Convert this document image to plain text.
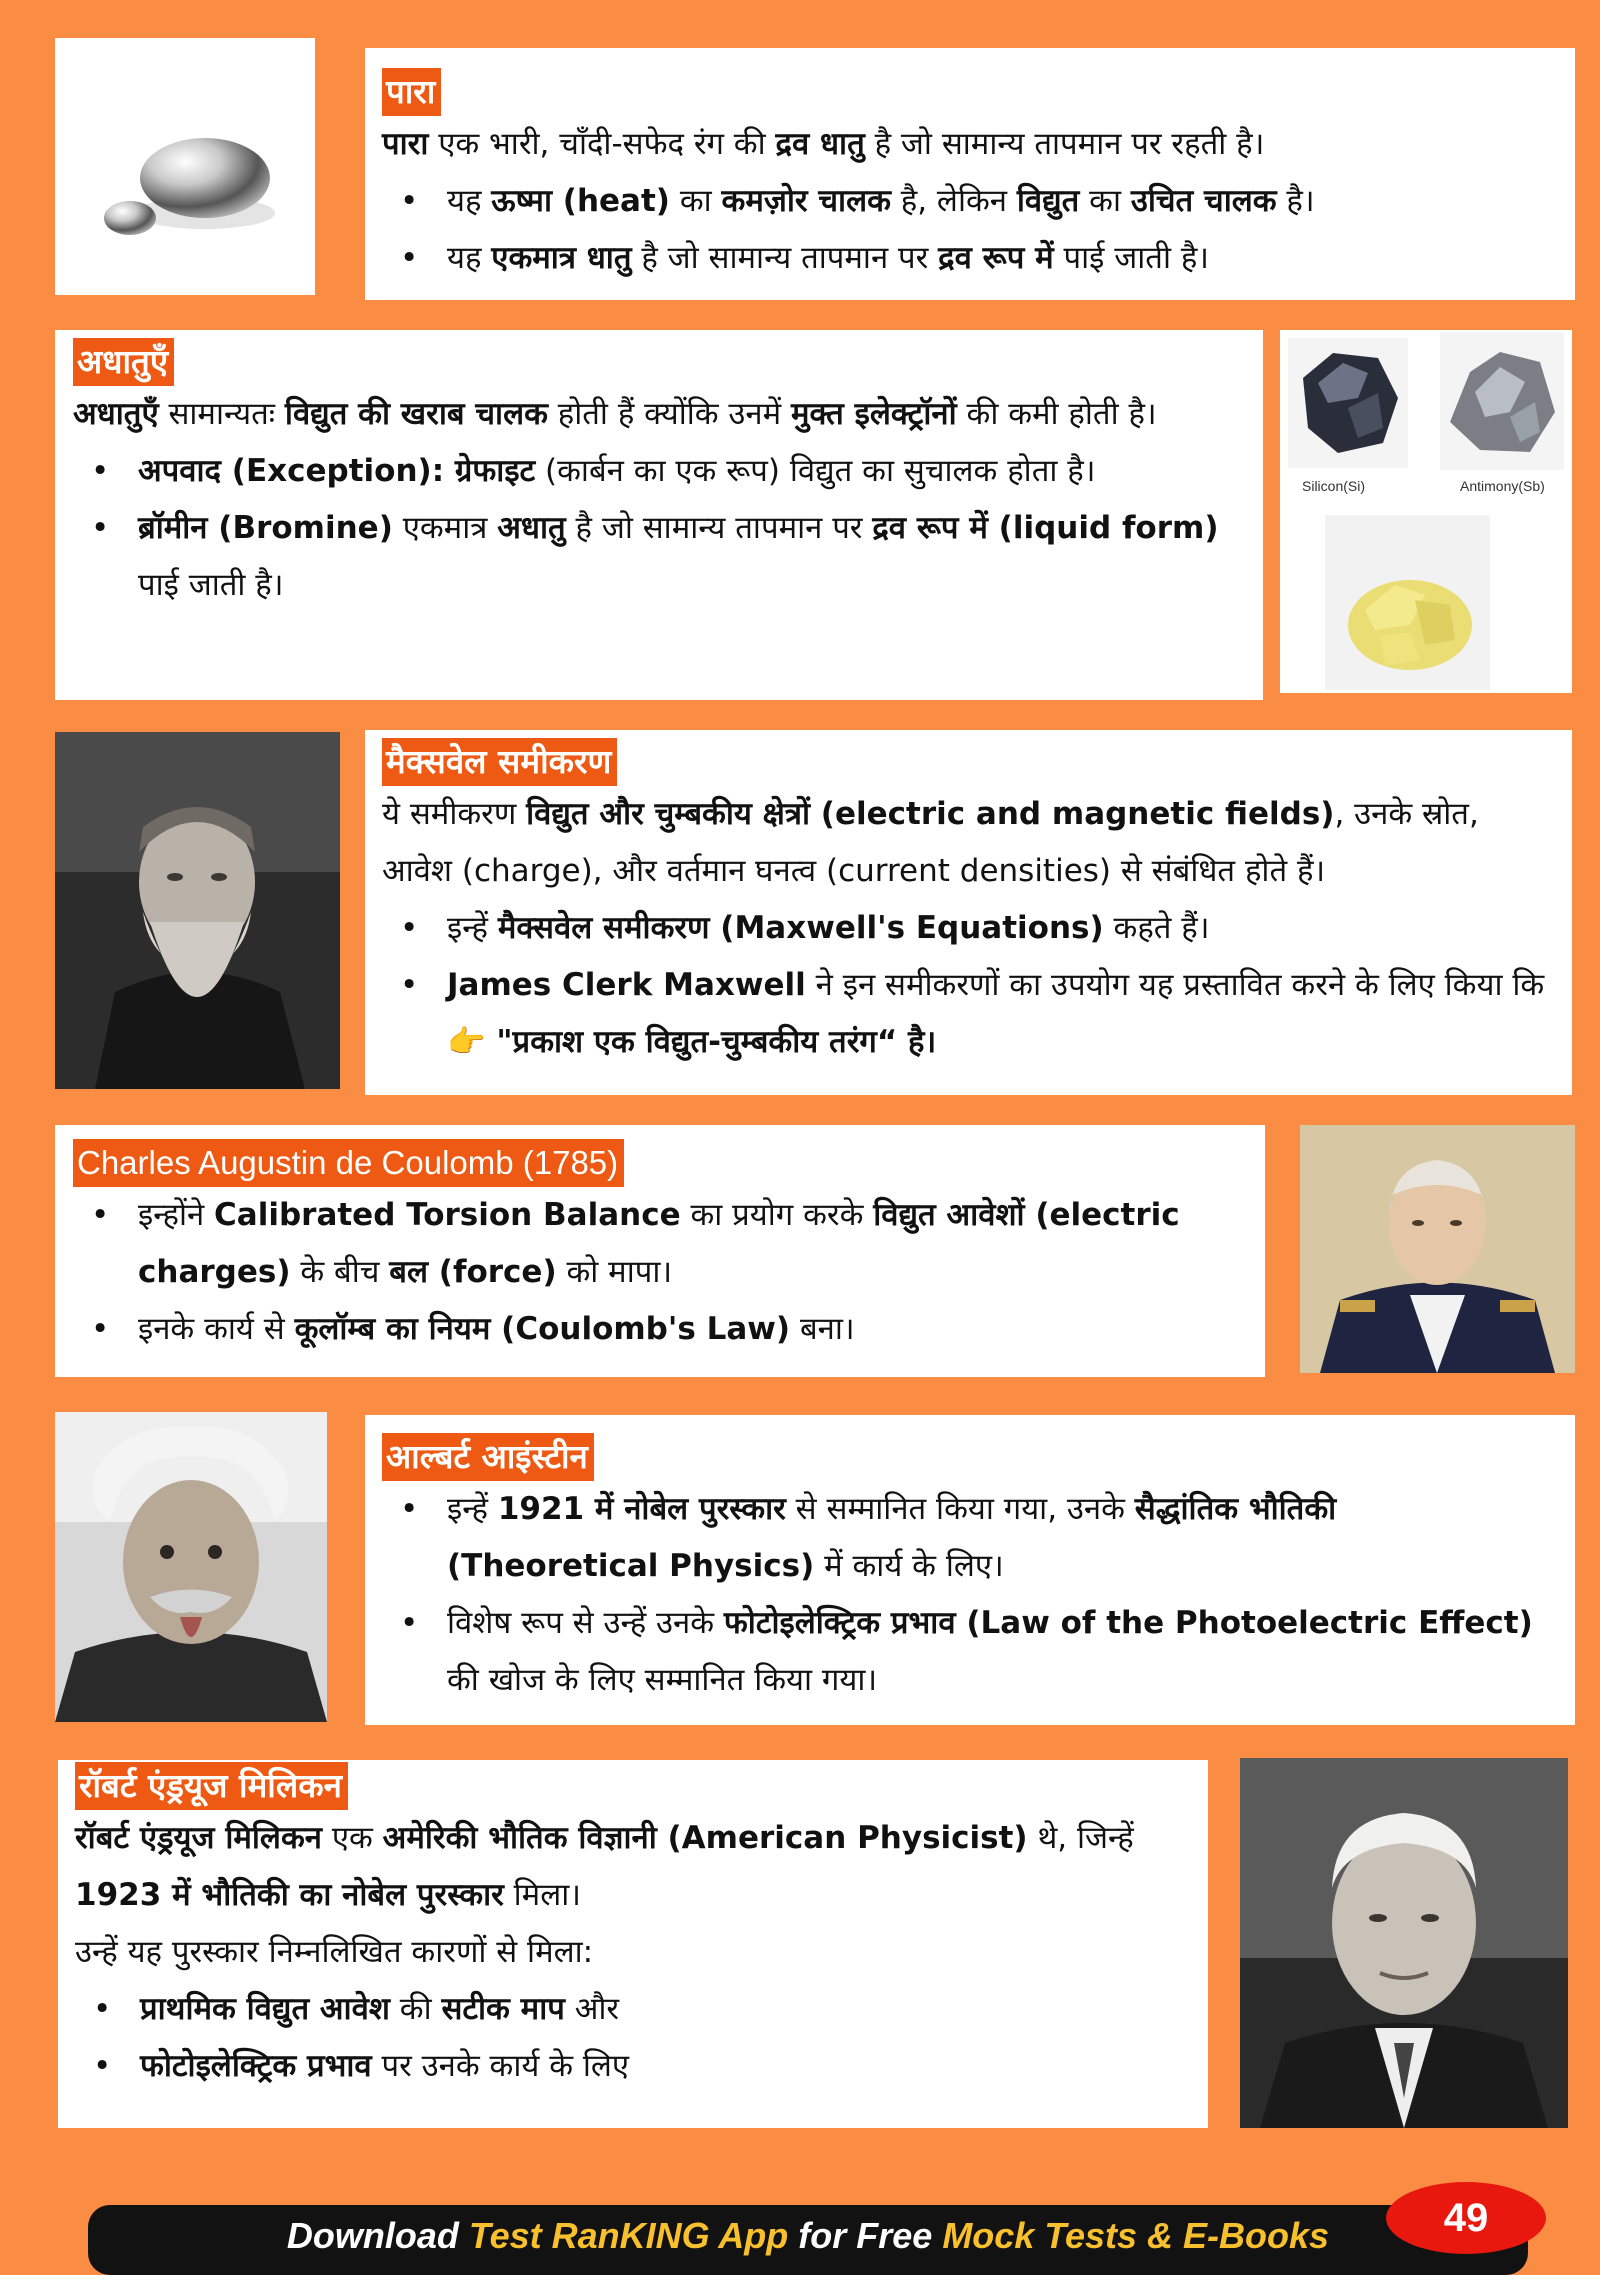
पारा

पारा एक भारी, चाँदी-सफेद रंग की द्रव धातु है जो सामान्य तापमान पर रहती है।

• यह ऊष्मा (heat) का कमज़ोर चालक है, लेकिन विद्युत का उचित चालक है।
• यह एकमात्र धातु है जो सामान्य तापमान पर द्रव रूप में पाई जाती है।
अधातुएँ

अधातुएँ सामान्यतः विद्युत की खराब चालक होती हैं क्योंकि उनमें मुक्त इलेक्ट्रॉनों की कमी होती है।

• अपवाद (Exception): ग्रेफाइट (कार्बन का एक रूप) विद्युत का सुचालक होता है।
• ब्रॉमीन (Bromine) एकमात्र अधातु है जो सामान्य तापमान पर द्रव रूप में (liquid form) पाई जाती है।
Silicon(Si)	Antimony(Sb)
मैक्सवेल समीकरण

ये समीकरण विद्युत और चुम्बकीय क्षेत्रों (electric and magnetic fields), उनके स्रोत, आवेश (charge), और वर्तमान घनत्व (current densities) से संबंधित होते हैं।

• इन्हें मैक्सवेल समीकरण (Maxwell's Equations) कहते हैं।
• James Clerk Maxwell ने इन समीकरणों का उपयोग यह प्रस्तावित करने के लिए किया कि 👉 "प्रकाश एक विद्युत-चुम्बकीय तरंग“ है।
Charles Augustin de Coulomb (1785)
• इन्होंने Calibrated Torsion Balance का प्रयोग करके विद्युत आवेशों (electric charges) के बीच बल (force) को मापा।
• इनके कार्य से कूलॉम्ब का नियम (Coulomb's Law) बना।
आल्बर्ट आइंस्टीन
• इन्हें 1921 में नोबेल पुरस्कार से सम्मानित किया गया, उनके सैद्धांतिक भौतिकी (Theoretical Physics) में कार्य के लिए।
• विशेष रूप से उन्हें उनके फोटोइलेक्ट्रिक प्रभाव (Law of the Photoelectric Effect) की खोज के लिए सम्मानित किया गया।
रॉबर्ट एंड्रयूज मिलिकन

रॉबर्ट एंड्रयूज मिलिकन एक अमेरिकी भौतिक विज्ञानी (American Physicist) थे, जिन्हें 1923 में भौतिकी का नोबेल पुरस्कार मिला।

उन्हें यह पुरस्कार निम्नलिखित कारणों से मिला:

• प्राथमिक विद्युत आवेश की सटीक माप और
• फोटोइलेक्ट्रिक प्रभाव पर उनके कार्य के लिए
Download Test RanKING App for Free Mock Tests & E-Books	49
